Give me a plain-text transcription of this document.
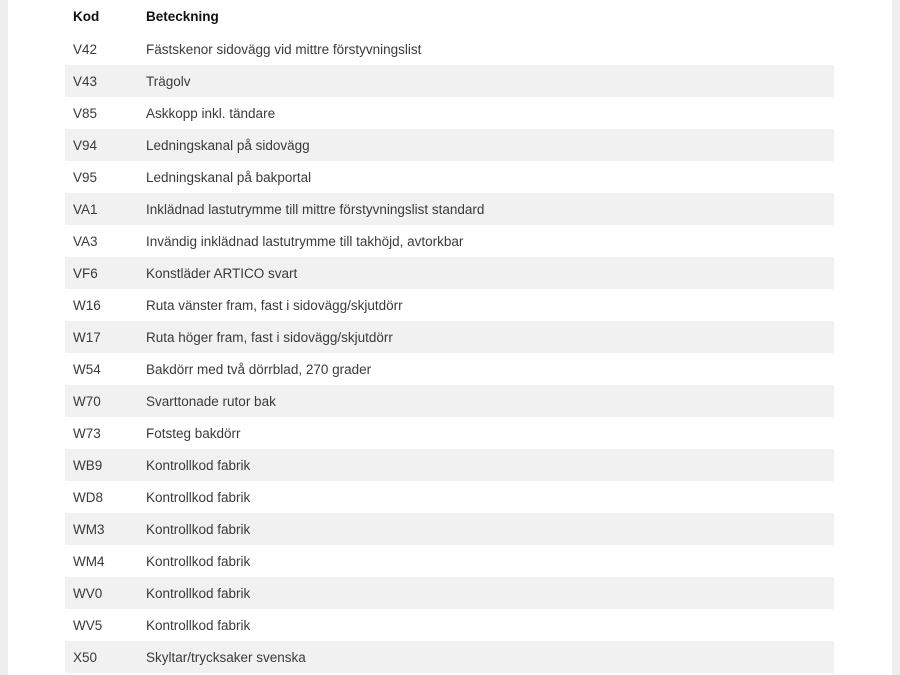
Kod	Beteckning
V42	Fästskenor sidovägg vid mittre förstyvningslist
V43	Trägolv
V85	Askkopp inkl. tändare
V94	Ledningskanal på sidovägg
V95	Ledningskanal på bakportal
VA1	Inklädnad lastutrymme till mittre förstyvningslist standard
VA3	Invändig inklädnad lastutrymme till takhöjd, avtorkbar
VF6	Konstläder ARTICO svart
W16	Ruta vänster fram, fast i sidovägg/skjutdörr
W17	Ruta höger fram, fast i sidovägg/skjutdörr
W54	Bakdörr med två dörrblad, 270 grader
W70	Svarttonade rutor bak
W73	Fotsteg bakdörr
WB9	Kontrollkod fabrik
WD8	Kontrollkod fabrik
WM3	Kontrollkod fabrik
WM4	Kontrollkod fabrik
WV0	Kontrollkod fabrik
WV5	Kontrollkod fabrik
X50	Skyltar/trycksaker svenska
